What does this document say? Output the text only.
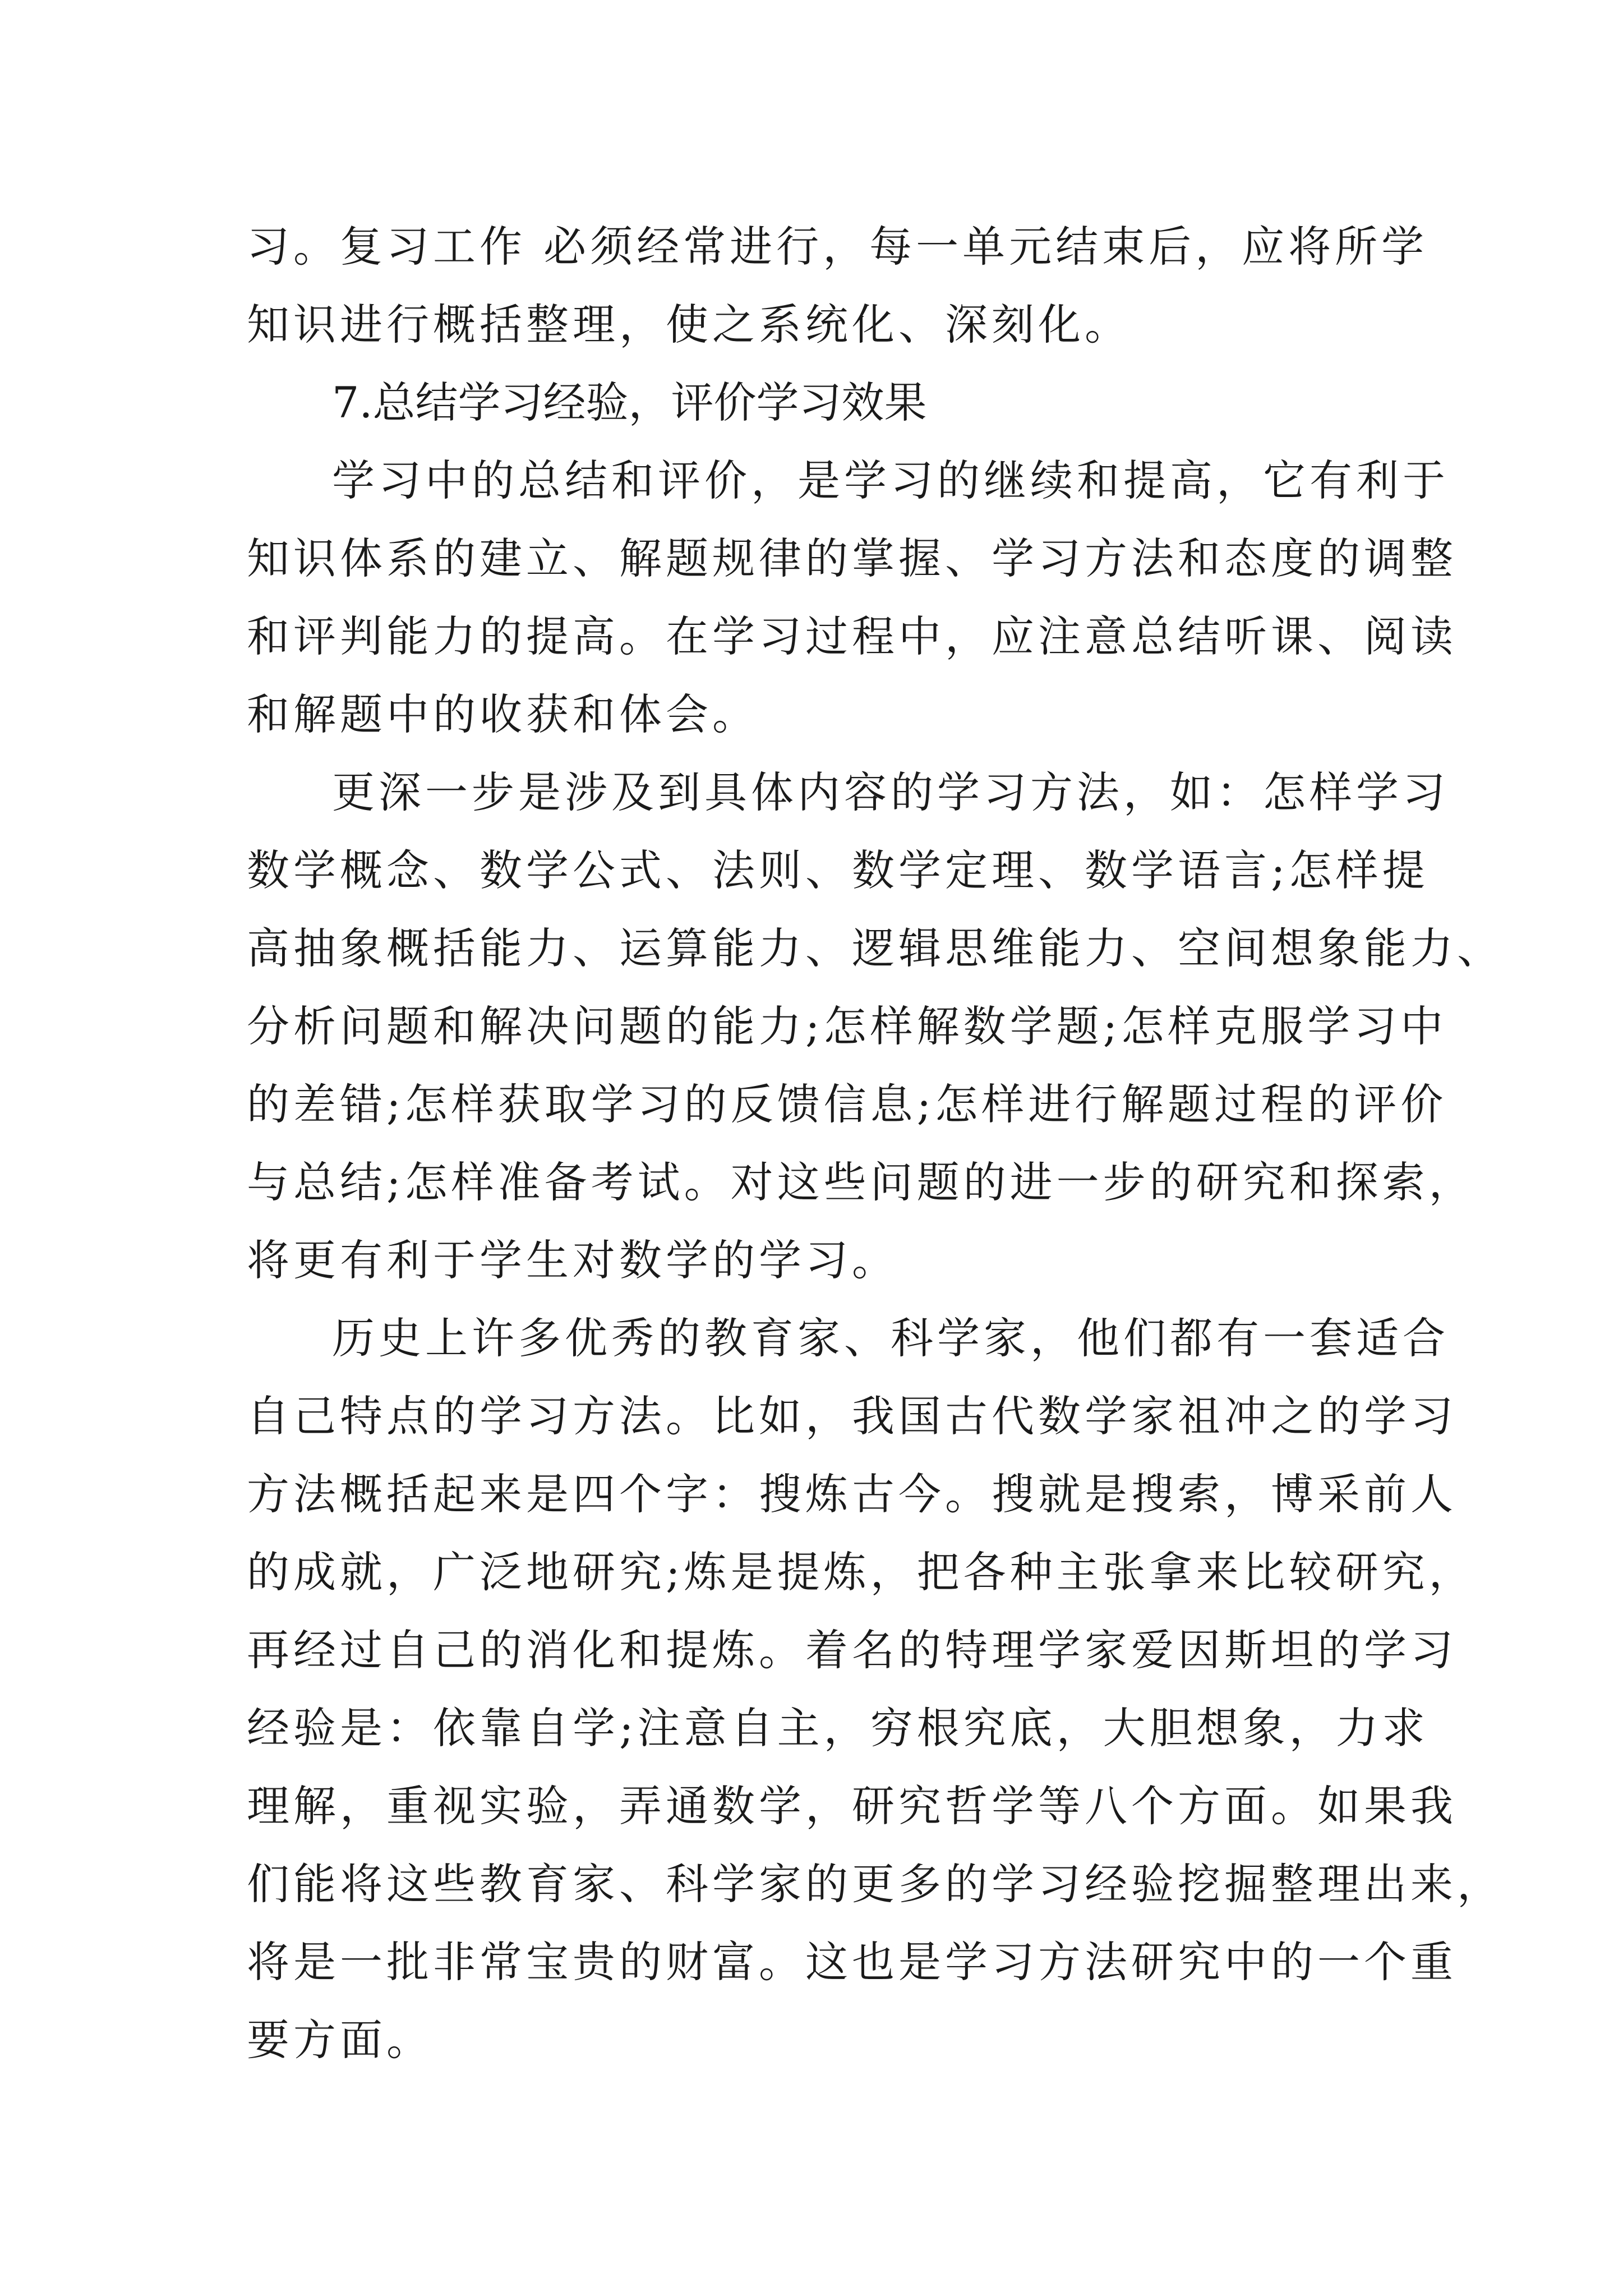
习。复习工作 必须经常进行，每一单元结束后，应将所学
知识进行概括整理，使之系统化、深刻化。
7.总结学习经验，评价学习效果
学习中的总结和评价，是学习的继续和提高，它有利于
知识体系的建立、解题规律的掌握、学习方法和态度的调整
和评判能力的提高。在学习过程中，应注意总结听课、阅读
和解题中的收获和体会。
更深一步是涉及到具体内容的学习方法，如：怎样学习
数学概念、数学公式、法则、数学定理、数学语言;怎样提
高抽象概括能力、运算能力、逻辑思维能力、空间想象能力、
分析问题和解决问题的能力;怎样解数学题;怎样克服学习中
的差错;怎样获取学习的反馈信息;怎样进行解题过程的评价
与总结;怎样准备考试。对这些问题的进一步的研究和探索，
将更有利于学生对数学的学习。
历史上许多优秀的教育家、科学家，他们都有一套适合
自己特点的学习方法。比如，我国古代数学家祖冲之的学习
方法概括起来是四个字：搜炼古今。搜就是搜索，博采前人
的成就，广泛地研究;炼是提炼，把各种主张拿来比较研究，
再经过自己的消化和提炼。着名的特理学家爱因斯坦的学习
经验是：依靠自学;注意自主，穷根究底，大胆想象，力求
理解，重视实验，弄通数学，研究哲学等八个方面。如果我
们能将这些教育家、科学家的更多的学习经验挖掘整理出来，
将是一批非常宝贵的财富。这也是学习方法研究中的一个重
要方面。
